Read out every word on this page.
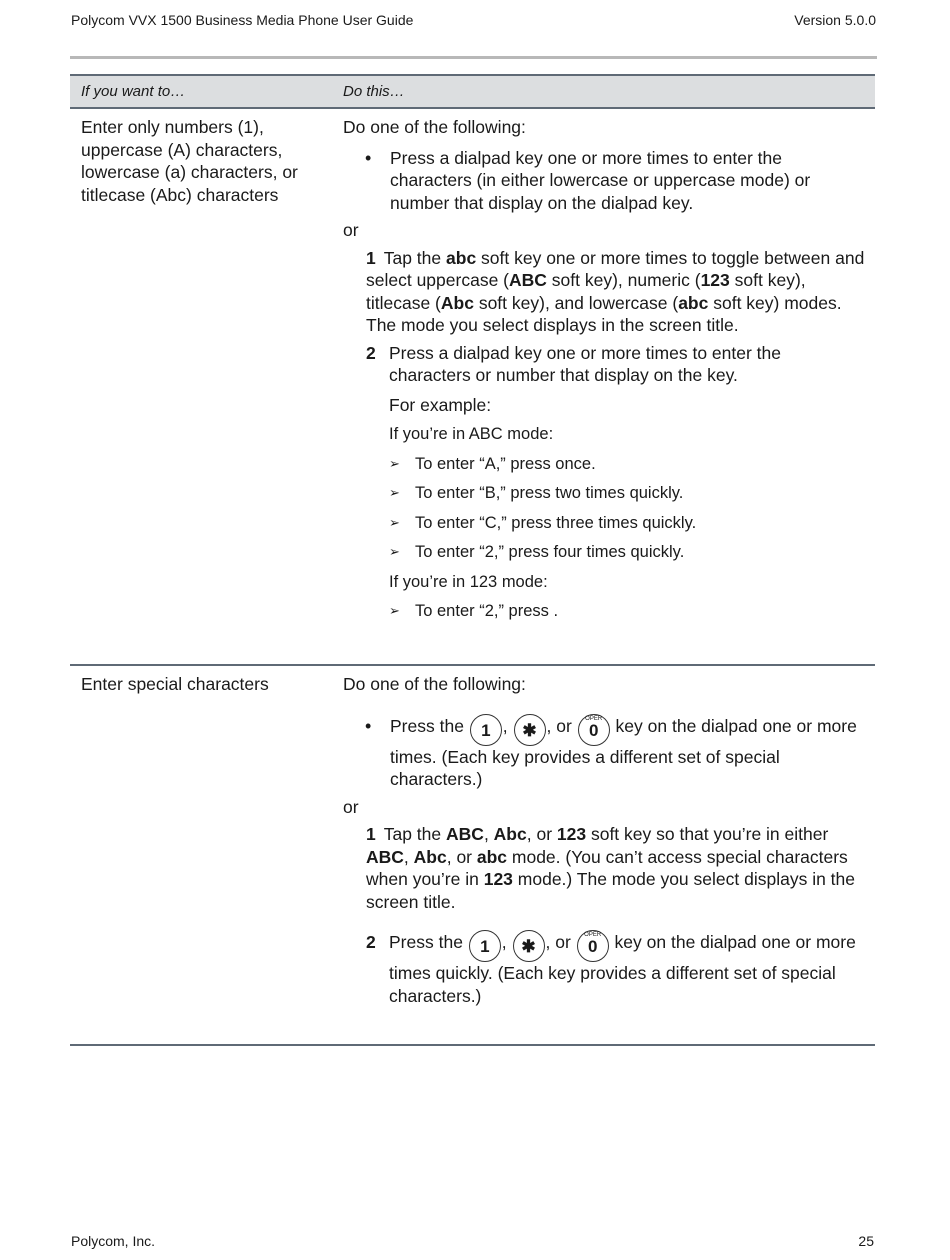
Polycom VVX 1500 Business Media Phone User Guide	Version 5.0.0
If you want to…	Do this…
Enter only numbers (1), uppercase (A) characters, lowercase (a) characters, or titlecase (Abc) characters

Do one of the following:

•	Press a dialpad key one or more times to enter the characters (in either lowercase or uppercase mode) or number that display on the dialpad key.

or

1 Tap the abc soft key one or more times to toggle between and select uppercase (ABC soft key), numeric (123 soft key), titlecase (Abc soft key), and lowercase (abc soft key) modes. The mode you select displays in the screen title.

2 Press a dialpad key one or more times to enter the characters or number that display on the key.

For example:

If you’re in ABC mode:

➢ To enter “A,” press once.
➢ To enter “B,” press two times quickly.
➢ To enter “C,” press three times quickly.
➢ To enter “2,” press four times quickly.

If you’re in 123 mode:

➢ To enter “2,” press .
Enter special characters	Do one of the following:

•	Press the 1 , ✱ , or	OPER
0 key on the dialpad one or more times. (Each key provides a different set of special characters.)

or

1 Tap the ABC, Abc, or 123 soft key so that you’re in either ABC, Abc, or abc mode. (You can’t access special characters when you’re in 123 mode.) The mode you select displays in the screen title.

2 Press the 1 , ✱ , or	OPER
0 key on the dialpad one or more times quickly. (Each key provides a different set of special characters.)
Polycom, Inc.	25
